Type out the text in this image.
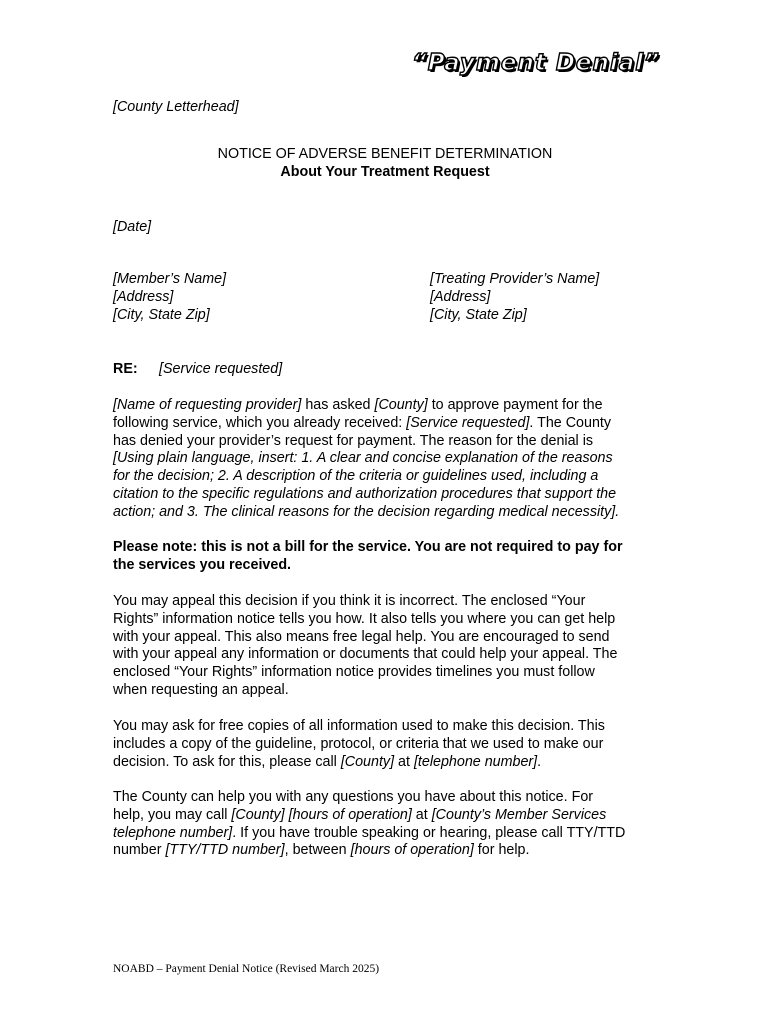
“Payment Denial”
[County Letterhead]
NOTICE OF ADVERSE BENEFIT DETERMINATION
About Your Treatment Request
[Date]
[Member’s Name]
[Address]
[City, State Zip]
[Treating Provider’s Name]
[Address]
[City, State Zip]
RE: [Service requested]
[Name of requesting provider] has asked [County] to approve payment for the
following service, which you already received: [Service requested]. The County
has denied your provider’s request for payment. The reason for the denial is
[Using plain language, insert: 1. A clear and concise explanation of the reasons
for the decision; 2. A description of the criteria or guidelines used, including a
citation to the specific regulations and authorization procedures that support the
action; and 3. The clinical reasons for the decision regarding medical necessity].
Please note: this is not a bill for the service. You are not required to pay for
the services you received.
You may appeal this decision if you think it is incorrect. The enclosed “Your
Rights” information notice tells you how. It also tells you where you can get help
with your appeal. This also means free legal help. You are encouraged to send
with your appeal any information or documents that could help your appeal. The
enclosed “Your Rights” information notice provides timelines you must follow
when requesting an appeal.
You may ask for free copies of all information used to make this decision. This
includes a copy of the guideline, protocol, or criteria that we used to make our
decision. To ask for this, please call [County] at [telephone number].
The County can help you with any questions you have about this notice. For
help, you may call [County] [hours of operation] at [County’s Member Services
telephone number]. If you have trouble speaking or hearing, please call TTY/TTD
number [TTY/TTD number], between [hours of operation] for help.
NOABD – Payment Denial Notice (Revised March 2025)
